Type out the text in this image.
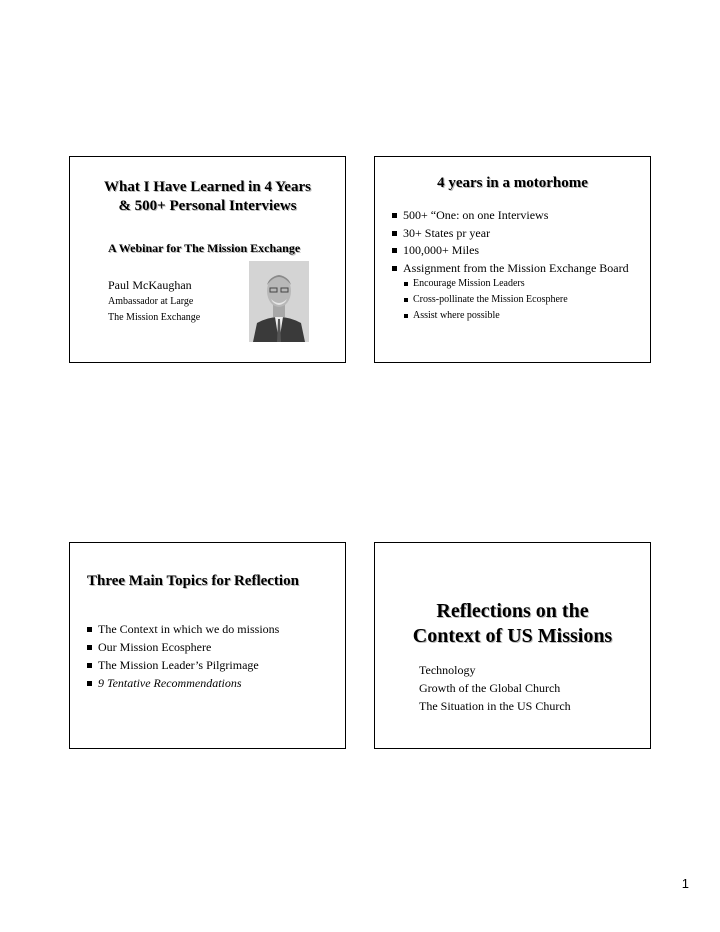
What I Have Learned in 4 Years
& 500+ Personal Interviews
A Webinar for The Mission Exchange
Paul McKaughan
Ambassador at Large
The Mission Exchange
4 years in a motorhome
500+ “One: on one Interviews
30+ States pr year
100,000+ Miles
Assignment from the Mission Exchange Board
Encourage Mission Leaders
Cross-pollinate the Mission Ecosphere
Assist where possible
Three Main Topics for Reflection
The Context in which we do missions
Our Mission Ecosphere
The Mission Leader’s Pilgrimage
9 Tentative Recommendations
Reflections on the
Context of US Missions
Technology
Growth of the Global Church
The Situation in the US Church
1
